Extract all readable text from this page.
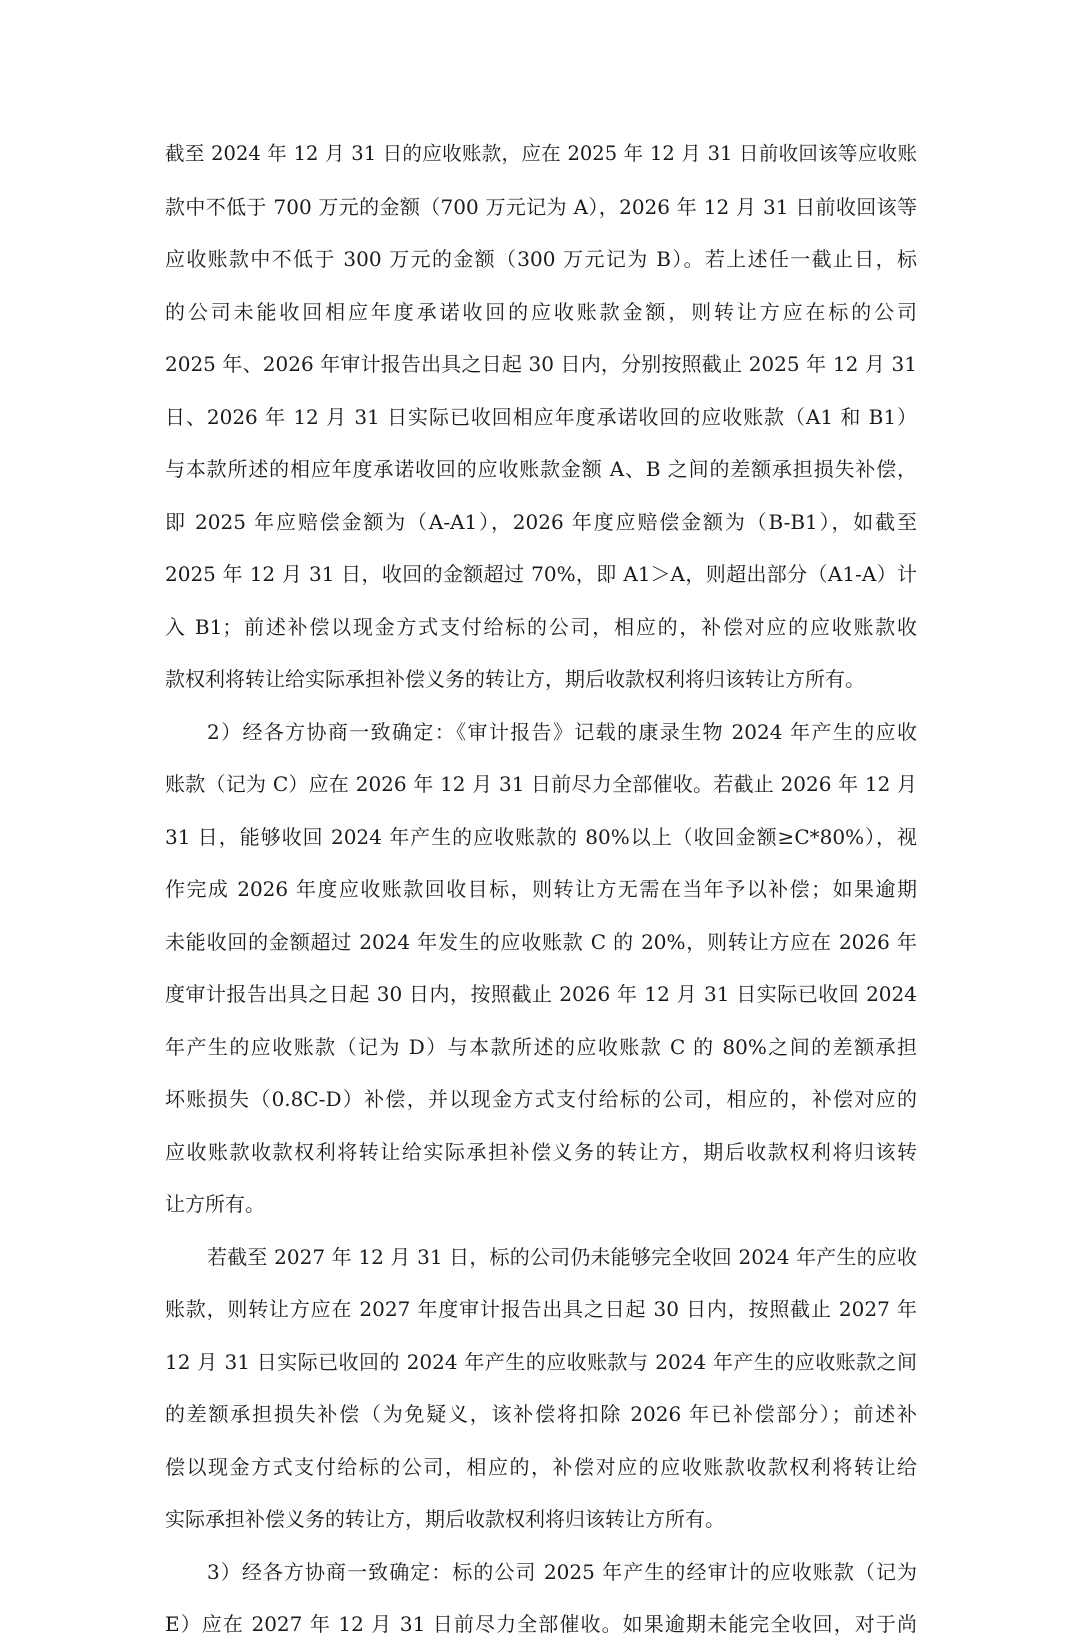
截至 2024 年 12 月 31 日的应收账款，应在 2025 年 12 月 31 日前收回该等应收账
款中不低于 700 万元的金额（700 万元记为 A），2026 年 12 月 31 日前收回该等
应收账款中不低于 300 万元的金额（300 万元记为 B）。若上述任一截止日，标
的公司未能收回相应年度承诺收回的应收账款金额，则转让方应在标的公司
2025 年、2026 年审计报告出具之日起 30 日内，分别按照截止 2025 年 12 月 31
日、2026 年 12 月 31 日实际已收回相应年度承诺收回的应收账款（A1 和 B1）
与本款所述的相应年度承诺收回的应收账款金额 A、B 之间的差额承担损失补偿，
即 2025 年应赔偿金额为（A-A1），2026 年度应赔偿金额为（B-B1），如截至
2025 年 12 月 31 日，收回的金额超过 70%，即 A1＞A，则超出部分（A1-A）计
入 B1；前述补偿以现金方式支付给标的公司，相应的，补偿对应的应收账款收
款权利将转让给实际承担补偿义务的转让方，期后收款权利将归该转让方所有。
2）经各方协商一致确定：《审计报告》记载的康录生物 2024 年产生的应收
账款（记为 C）应在 2026 年 12 月 31 日前尽力全部催收。若截止 2026 年 12 月
31 日，能够收回 2024 年产生的应收账款的 80%以上（收回金额≥C*80%），视
作完成 2026 年度应收账款回收目标，则转让方无需在当年予以补偿；如果逾期
未能收回的金额超过 2024 年发生的应收账款 C 的 20%，则转让方应在 2026 年
度审计报告出具之日起 30 日内，按照截止 2026 年 12 月 31 日实际已收回 2024
年产生的应收账款（记为 D）与本款所述的应收账款 C 的 80%之间的差额承担
坏账损失（0.8C-D）补偿，并以现金方式支付给标的公司，相应的，补偿对应的
应收账款收款权利将转让给实际承担补偿义务的转让方，期后收款权利将归该转
让方所有。
若截至 2027 年 12 月 31 日，标的公司仍未能够完全收回 2024 年产生的应收
账款，则转让方应在 2027 年度审计报告出具之日起 30 日内，按照截止 2027 年
12 月 31 日实际已收回的 2024 年产生的应收账款与 2024 年产生的应收账款之间
的差额承担损失补偿（为免疑义，该补偿将扣除 2026 年已补偿部分）；前述补
偿以现金方式支付给标的公司，相应的，补偿对应的应收账款收款权利将转让给
实际承担补偿义务的转让方，期后收款权利将归该转让方所有。
3）经各方协商一致确定：标的公司 2025 年产生的经审计的应收账款（记为
E）应在 2027 年 12 月 31 日前尽力全部催收。如果逾期未能完全收回，对于尚
